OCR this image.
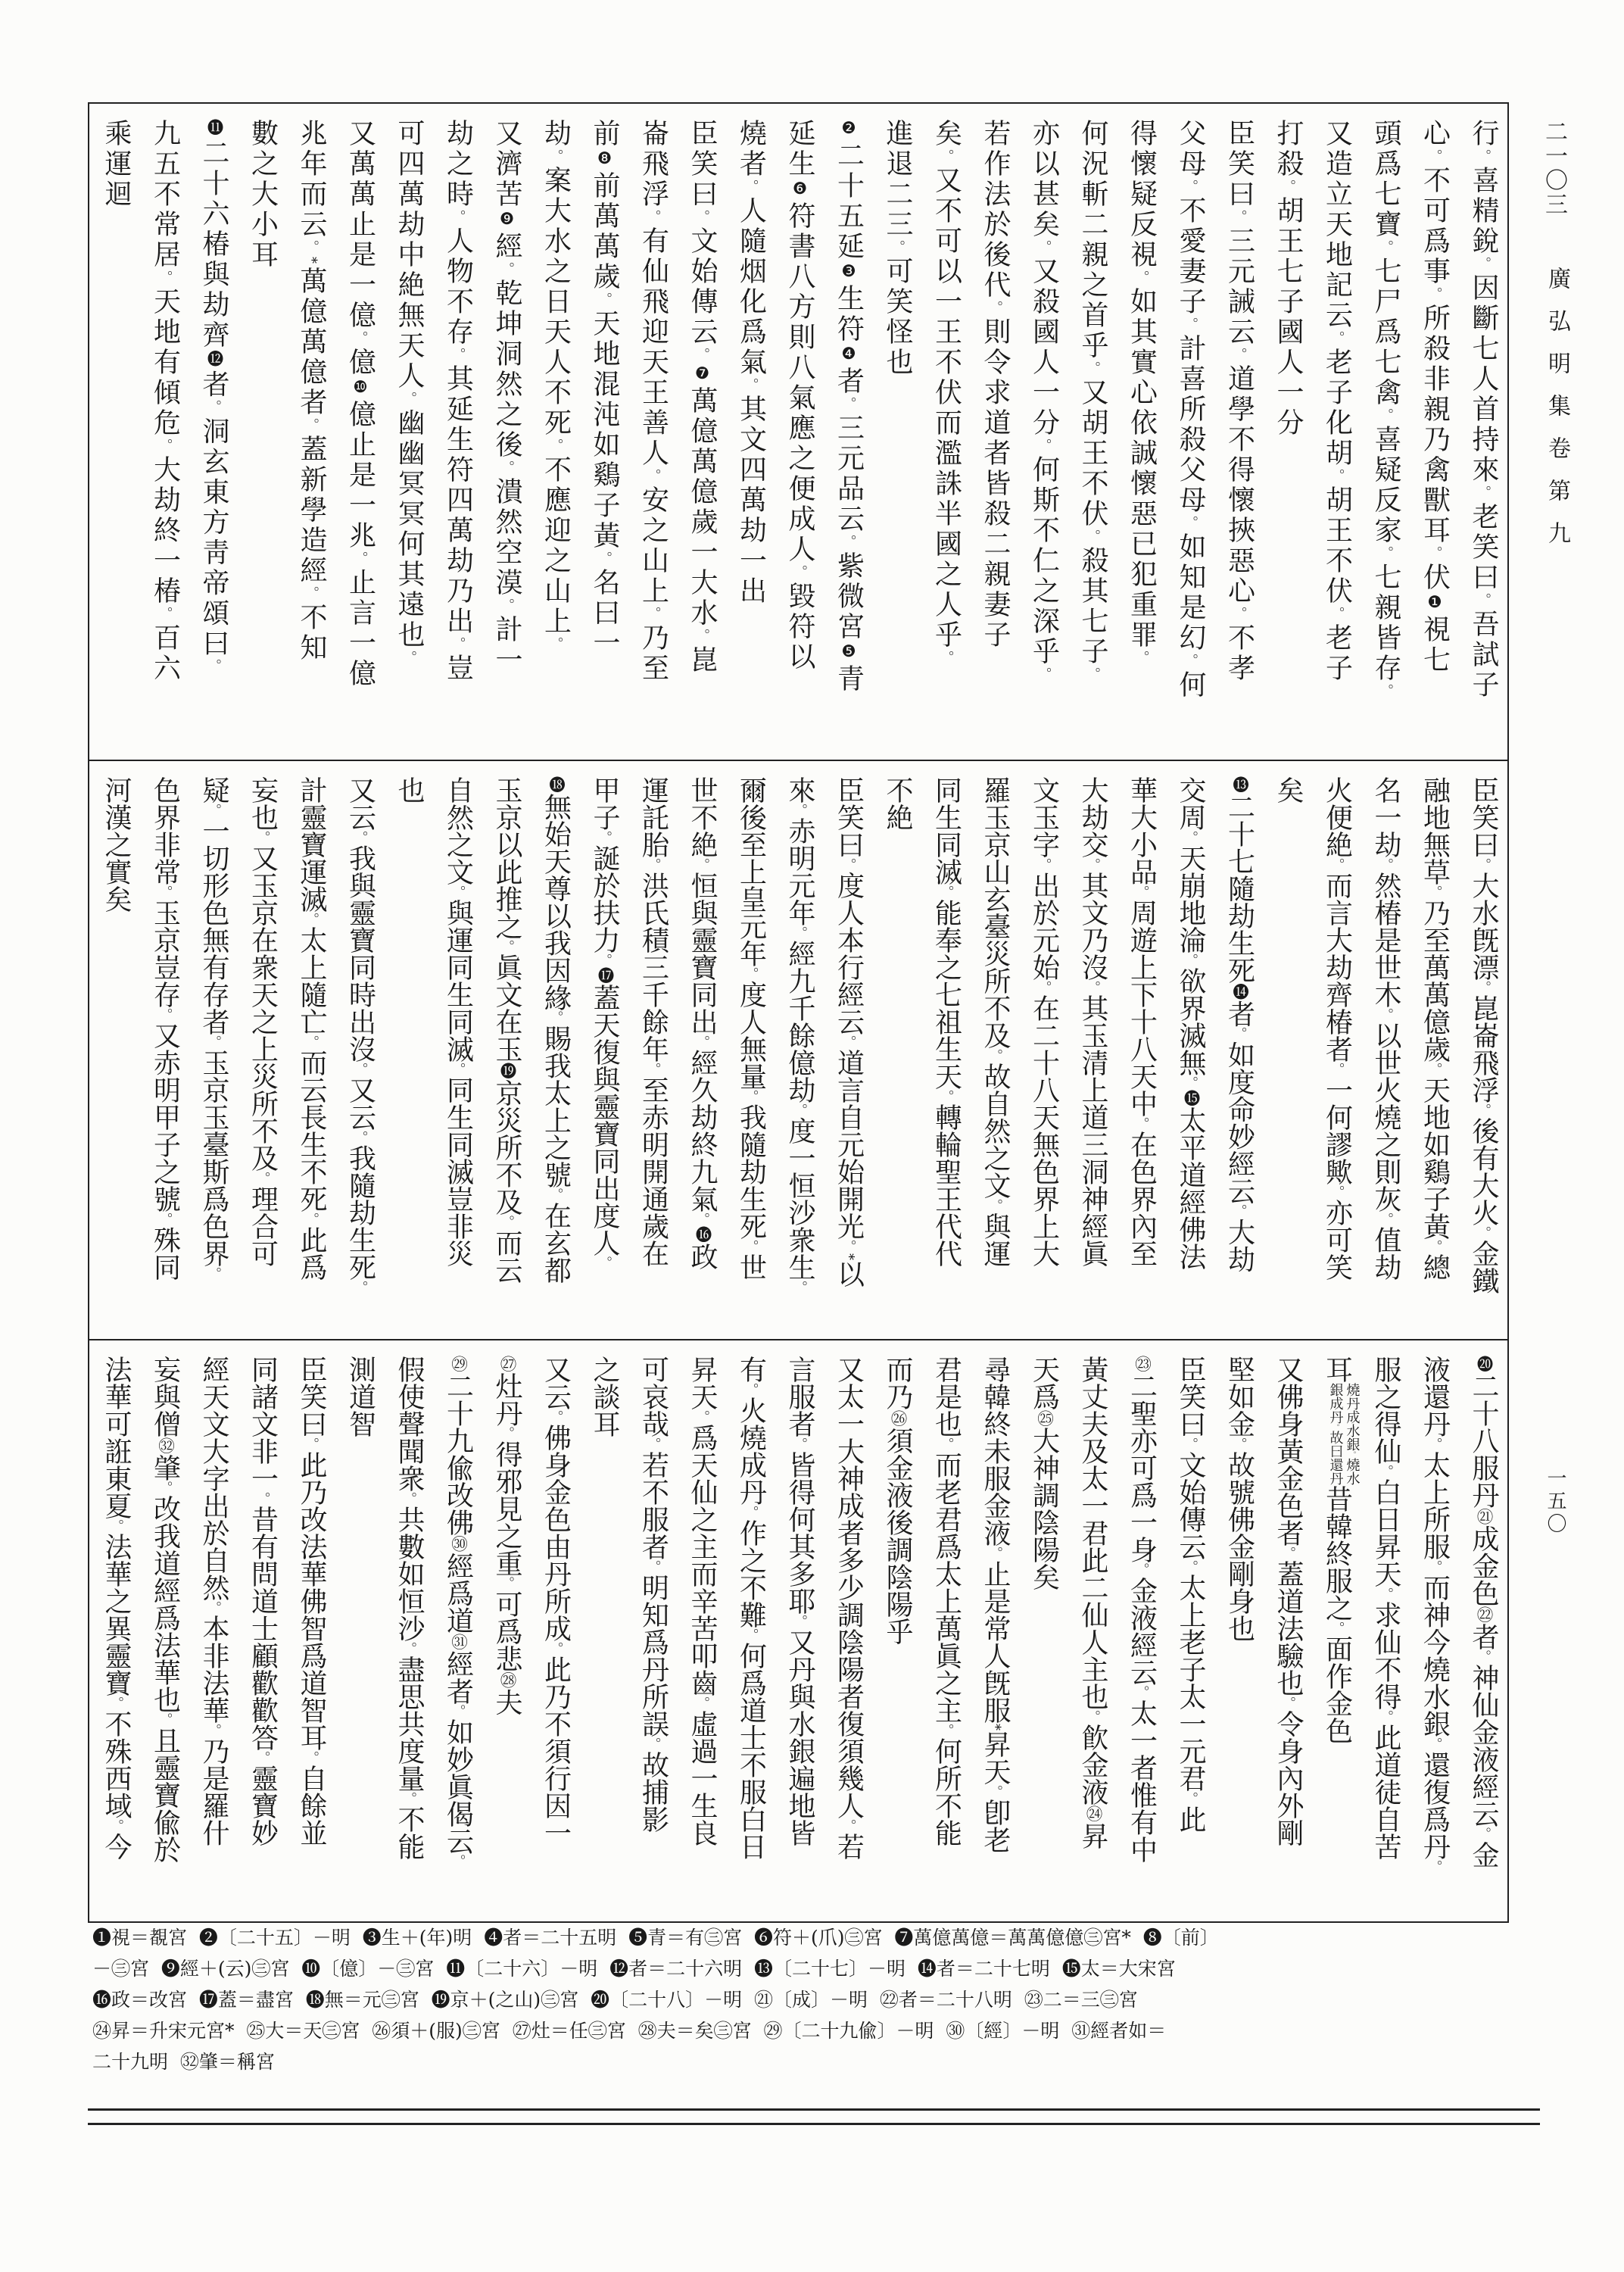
二一〇三
廣弘明集卷第九
一五〇
行。喜精銳。因斷七人首持來。老笑曰。吾試子
心。不可爲事。所殺非親乃禽獸耳。伏❶視七
頭爲七寶。七尸爲七禽。喜疑反家。七親皆存。
又造立天地記云。老子化胡。胡王不伏。老子
打殺。胡王七子國人一分
臣笑曰。三元誡云。道學不得懷挾惡心。不孝
父母。不愛妻子。計喜所殺父母。如知是幻。何
得懷疑反視。如其實心依誠懷惡已犯重罪。
何況斬二親之首乎。又胡王不伏。殺其七子。
亦以甚矣。又殺國人一分。何斯不仁之深乎。
若作法於後代。則令求道者皆殺二親妻子
矣。又不可以一王不伏而濫誅半國之人乎。
進退二三。可笑怪也
❷二十五延❸生符❹者。三元品云。紫微宮❺青
延生❻符書八方則八氣應之便成人。毀符以
燒者。人隨烟化爲氣。其文四萬劫一出
臣笑曰。文始傳云。❼萬億萬億歲一大水。崑
崙飛浮。有仙飛迎天王善人。安之山上。乃至
前❽前萬萬歲。天地混沌如鷄子黃。名曰一
劫。案大水之日天人不死。不應迎之山上。
又濟苦❾經。乾坤洞然之後。潰然空漠。計一
劫之時。人物不存。其延生符四萬劫乃出。豈
可四萬劫中絶無天人。幽幽冥冥何其遠也。
又萬萬止是一億。億❿億止是一兆。止言一億
兆年而云。*萬億萬億者。蓋新學造經。不知
數之大小耳
⓫二十六椿與劫齊⓬者。洞玄東方靑帝頌曰。
九五不常居。天地有傾危。大劫終一椿。百六
乘運迴
臣笑曰。大水旣漂。崑崙飛浮。後有大火。金鐵
融地無草。乃至萬萬億歲。天地如鷄子黃。總
名一劫。然椿是世木。以世火燒之則灰。值劫
火便絶。而言大劫齊椿者。一何謬歟。亦可笑
矣
⓭二十七隨劫生死⓮者。如度命妙經云。大劫
交周。天崩地淪。欲界滅無。⓯太平道經佛法
華大小品。周遊上下十八天中。在色界內至
大劫交。其文乃沒。其玉清上道三洞神經眞
文玉字。出於元始。在二十八天無色界上大
羅玉京山玄臺災所不及。故自然之文。與運
同生同滅。能奉之七祖生天。轉輪聖王代代
不絶
臣笑曰。度人本行經云。道言自元始開光。*以
來。赤明元年。經九千餘億劫。度一恒沙衆生。
爾後至上皇元年。度人無量。我隨劫生死。世
世不絶。恒與靈寶同出。經久劫終九氣。⓰政
運託胎。洪氏積三千餘年。至赤明開通歲在
甲子。誕於扶力。⓱蓋天復與靈寶同出度人。
⓲無始天尊以我因緣。賜我太上之號。在玄都
玉京以此推之。眞文在玉⓳京災所不及。而云
自然之文。與運同生同滅。同生同滅豈非災
也
又云。我與靈寶同時出沒。又云。我隨劫生死。
計靈寶運滅。太上隨亡。而云長生不死。此爲
妄也。又玉京在衆天之上災所不及。理合可
疑。一切形色無有存者。玉京玉臺斯爲色界。
色界非常。玉京豈存。又赤明甲子之號。殊同
河漢之實矣
⓴二十八服丹㉑成金色㉒者。神仙金液經云。金
液還丹。太上所服。而神今燒水銀。還復爲丹。
服之得仙。白日昇天。求仙不得。此道徒自苦
耳
燒丹成水銀。燒水
銀成丹。故曰還丹
昔韓終服之。面作金色
又佛身黃金色者。蓋道法驗也。令身內外剛
堅如金。故號佛金剛身也
臣笑曰。文始傳云。太上老子太一元君。此
㉓二聖亦可爲一身。金液經云。太一者惟有中
黃丈夫及太一君此二仙人主也。飮金液㉔昇
天爲㉕大神調陰陽矣
尋韓終未服金液。止是常人旣服*昇天。卽老
君是也。而老君爲太上萬眞之主。何所不能
而乃㉖須金液後調陰陽乎
又太一大神成者多少調陰陽者復須幾人。若
言服者。皆得何其多耶。又丹與水銀遍地皆
有。火燒成丹。作之不難。何爲道士不服白日
昇天。爲天仙之主而辛苦叩齒。虛過一生良
可哀哉。若不服者。明知爲丹所誤。故捕影
之談耳
又云。佛身金色由丹所成。此乃不須行因一
㉗灶丹。得邪見之重。可爲悲㉘夫
㉙二十九偸改佛㉚經爲道㉛經者。如妙眞偈云。
假使聲聞衆。共數如恒沙。盡思共度量。不能
測道智
臣笑曰。此乃改法華佛智爲道智耳。自餘並
同諸文非一。昔有問道士顧歡歡答。靈寶妙
經天文大字出於自然。本非法華。乃是羅什
妄與僧㉜肇。改我道經爲法華也。且靈寶偸於
法華可誑東夏。法華之異靈寶。不殊西域。今
❶視＝覩宮  ❷〔二十五〕－明  ❸生＋(年)明  ❹者＝二十五明  ❺青＝有㊂宮  ❻符＋(爪)㊂宮  ❼萬億萬億＝萬萬億億㊂宮*  ❽〔前〕
－㊂宮  ❾經＋(云)㊂宮  ❿〔億〕－㊂宮  ⓫〔二十六〕－明  ⓬者＝二十六明  ⓭〔二十七〕－明  ⓮者＝二十七明  ⓯太＝大宋宮
⓰政＝改宮  ⓱蓋＝盡宮  ⓲無＝元㊂宮  ⓳京＋(之山)㊂宮  ⓴〔二十八〕－明  ㉑〔成〕－明  ㉒者＝二十八明  ㉓二＝三㊂宮
㉔昇＝升宋元宮*  ㉕大＝天㊂宮  ㉖須＋(服)㊂宮  ㉗灶＝任㊂宮  ㉘夫＝矣㊂宮  ㉙〔二十九偸〕－明  ㉚〔經〕－明  ㉛經者如＝
二十九明  ㉜肇＝稱宮
